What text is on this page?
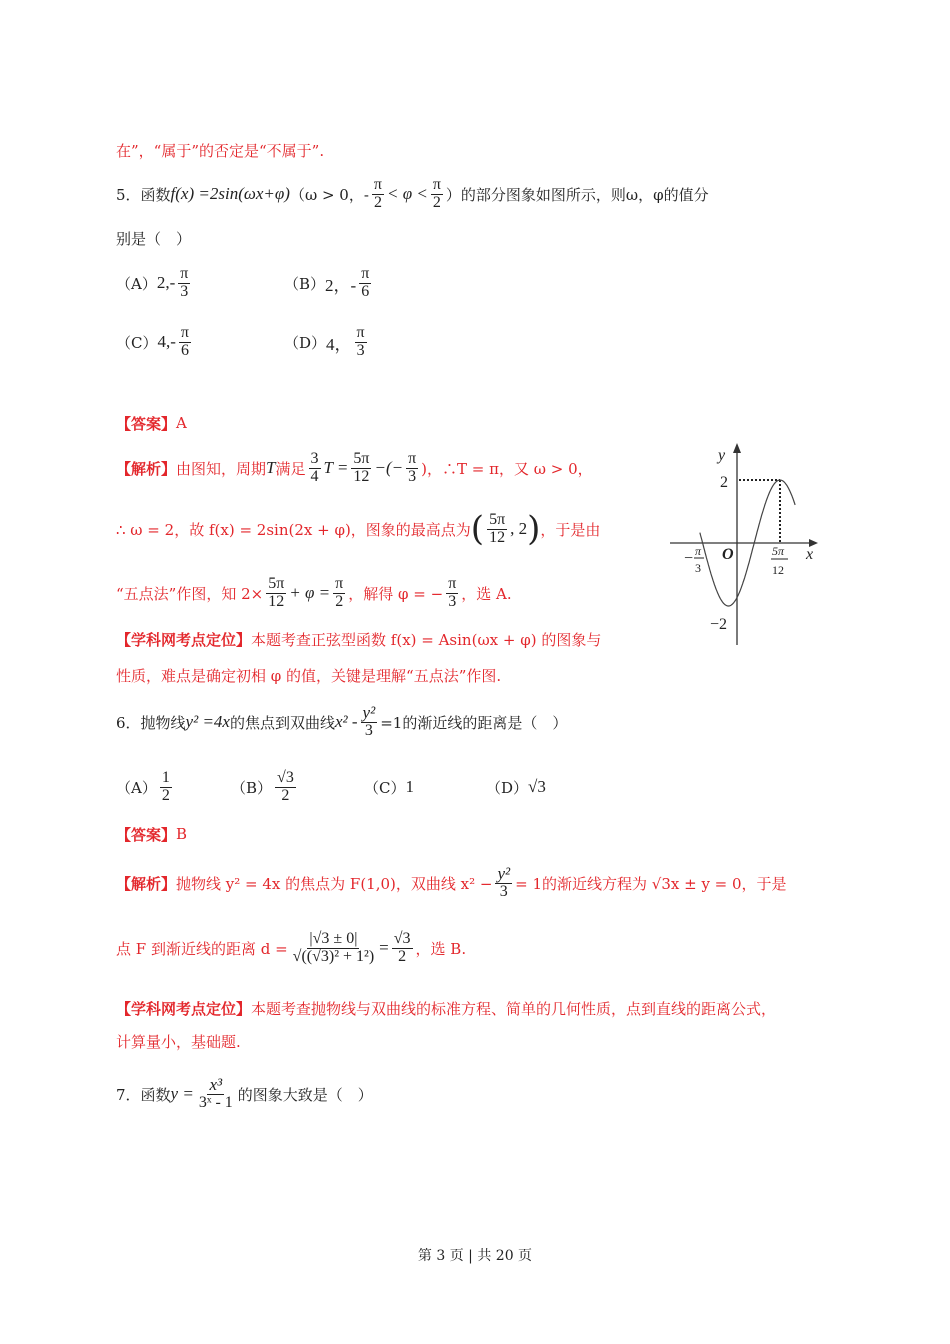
在”，“属于”的否定是“不属于”.
5．函数 f(x) =2sin(ωx+φ) （ω > 0，- $\frac{\pi}{2} < \varphi < \frac{\pi}{2}$ ）的部分图象如图所示，则ω，φ的值分
别是（　）
（A） $2,- \frac{\pi}{3}$	（B） 2，- $\frac{\pi}{6}$
（C） $4,- \frac{\pi}{6}$	（D） 4， $\frac{\pi}{3}$
【答案】 A
【解析】 由图知，周期 T 满足 $\frac{3}{4}$ $T = \frac{5\pi}{12}$ −(− $\frac{\pi}{3}$ )，∴T = π，又 ω > 0，
∴ ω = 2，故 f(x) = 2sin(2x + φ)，图象的最高点为 ( $\frac{5\pi}{12}$ , 2 ) ，于是由
“五点法”作图，知 $2\times \frac{5\pi}{12} + \varphi = \frac{\pi}{2}$ ，解得 φ = − $\frac{\pi}{3}$ ，选 A.
【学科网考点定位】 本题考查正弦型函数 f(x) = Asin(ωx + φ) 的图象与
性质，难点是确定初相 φ 的值，关键是理解“五点法”作图.
y
x
O
2
−2
− π
3
5π
12
6．抛物线 y² =4x 的焦点到双曲线 $x^2 - \frac{\text{y²}}{3} =1$的渐近线的距离是（　）
$(A) \frac{1}{2}$	$(B) \frac{√3}{2}$	（C） 1	（D） √3
【答案】 B
【解析】 抛物线 y² = 4x 的焦点为 F(1,0)，双曲线 $x^2 - \frac{\text{y²}}{3} = 1$的渐近线方程为 √3x ± y = 0，于是
点 F 到渐近线的距离 $d = \frac{|√3 \pm 0|}{\text{√((√3)² + 1²)}} = \frac{√3}{2}$ ，选 B.
【学科网考点定位】 本题考查抛物线与双曲线的标准方程、简单的几何性质，点到直线的距离公式，
计算量小，基础题.
7．函数 $y = \frac{\text{x³}}{\text{3ˣ - 1}}$ 的图象大致是（　）
第 3 页 | 共 20 页
